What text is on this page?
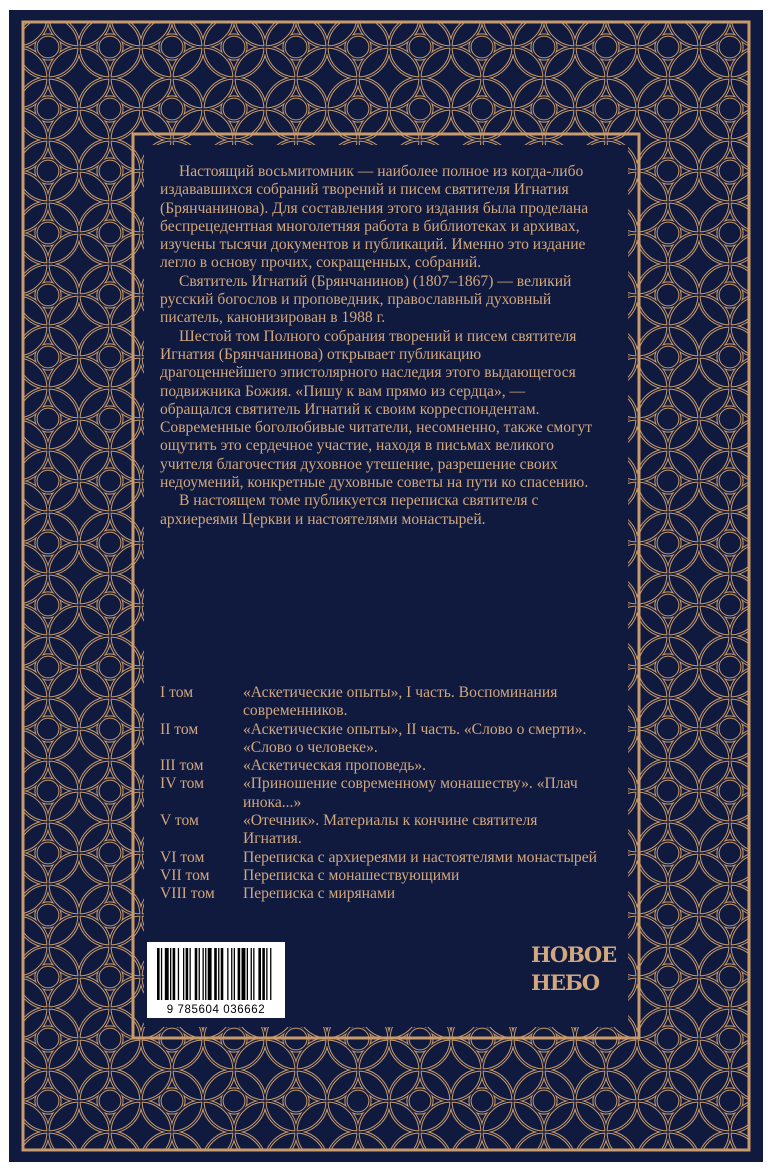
Настоящий восьмитомник — наиболее полное из когда-либо издававшихся собраний творений и писем святителя Игнатия (Брянчанинова). Для составления этого издания была проделана беспрецедентная многолетняя работа в библиотеках и архивах, изучены тысячи документов и публикаций. Именно это издание легло в основу прочих, сокращенных, собраний.

Святитель Игнатий (Брянчанинов) (1807–1867) — великий русский богослов и проповедник, православный духовный писатель, канонизирован в 1988 г.

Шестой том Полного собрания творений и писем святителя Игнатия (Брянчанинова) открывает публикацию драгоценнейшего эпистолярного наследия этого выдающегося подвижника Божия. «Пишу к вам прямо из сердца», — обращался святитель Игнатий к своим корреспондентам. Современные боголюбивые читатели, несомненно, также смогут ощутить это сердечное участие, находя в письмах великого учителя благочестия духовное утешение, разрешение своих недоумений, конкретные духовные советы на пути ко спасению.

В настоящем томе публикуется переписка святителя с архиереями Церкви и настоятелями монастырей.

I том	«Аскетические опыты», I часть. Воспоминания современников.
II том	«Аскетические опыты», II часть. «Слово о смерти». «Слово о человеке».
III том	«Аскетическая проповедь».
IV том	«Приношение современному монашеству». «Плач инока...»
V том	«Отечник». Материалы к кончине святителя Игнатия.
VI том	Переписка с архиереями и настоятелями монастырей
VII том	Переписка с монашествующими
VIII том	Переписка с мирянами
9 785604 036662
НОВОЕ
НЕБО
